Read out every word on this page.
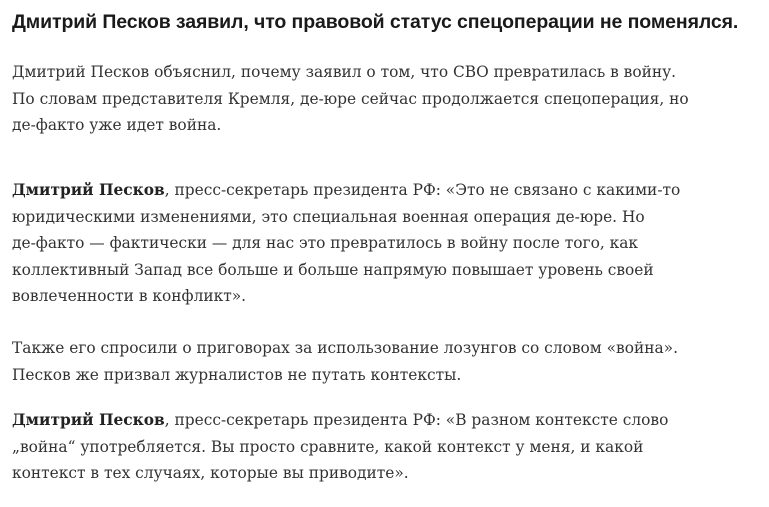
Дмитрий Песков заявил, что правовой статус спецоперации не поменялся.

Дмитрий Песков объяснил, почему заявил о том, что СВО превратилась в войну.
По словам представителя Кремля, де-юре сейчас продолжается спецоперация, но
де-факто уже идет война.

Дмитрий Песков, пресс-секретарь президента РФ: «Это не связано с какими-то
юридическими изменениями, это специальная военная операция де-юре. Но
де-факто — фактически — для нас это превратилось в войну после того, как
коллективный Запад все больше и больше напрямую повышает уровень своей
вовлеченности в конфликт».

Также его спросили о приговорах за использование лозунгов со словом «война».
Песков же призвал журналистов не путать контексты.

Дмитрий Песков, пресс-секретарь президента РФ: «В разном контексте слово
„война“ употребляется. Вы просто сравните, какой контекст у меня, и какой
контекст в тех случаях, которые вы приводите».
